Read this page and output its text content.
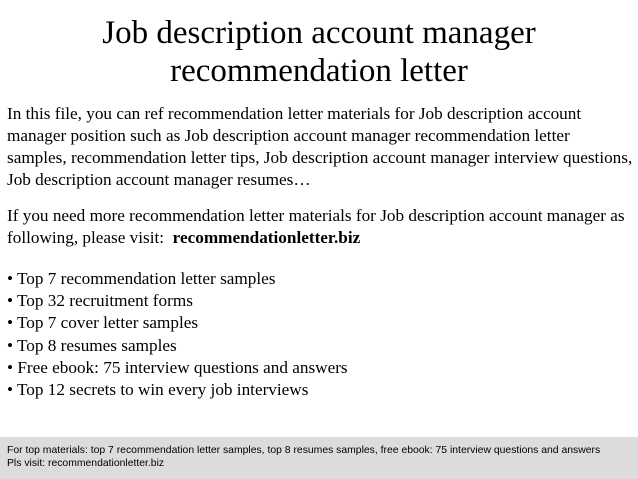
Job description account manager
recommendation letter

In this file, you can ref recommendation letter materials for Job description account manager position such as Job description account manager recommendation letter samples, recommendation letter tips, Job description account manager interview questions, Job description account manager resumes…

If you need more recommendation letter materials for Job description account manager as following, please visit: recommendationletter.biz

• Top 7 recommendation letter samples
• Top 32 recruitment forms
• Top 7 cover letter samples
• Top 8 resumes samples
• Free ebook: 75 interview questions and answers
• Top 12 secrets to win every job interviews
For top materials: top 7 recommendation letter samples, top 8 resumes samples, free ebook: 75 interview questions and answers
Pls visit: recommendationletter.biz
